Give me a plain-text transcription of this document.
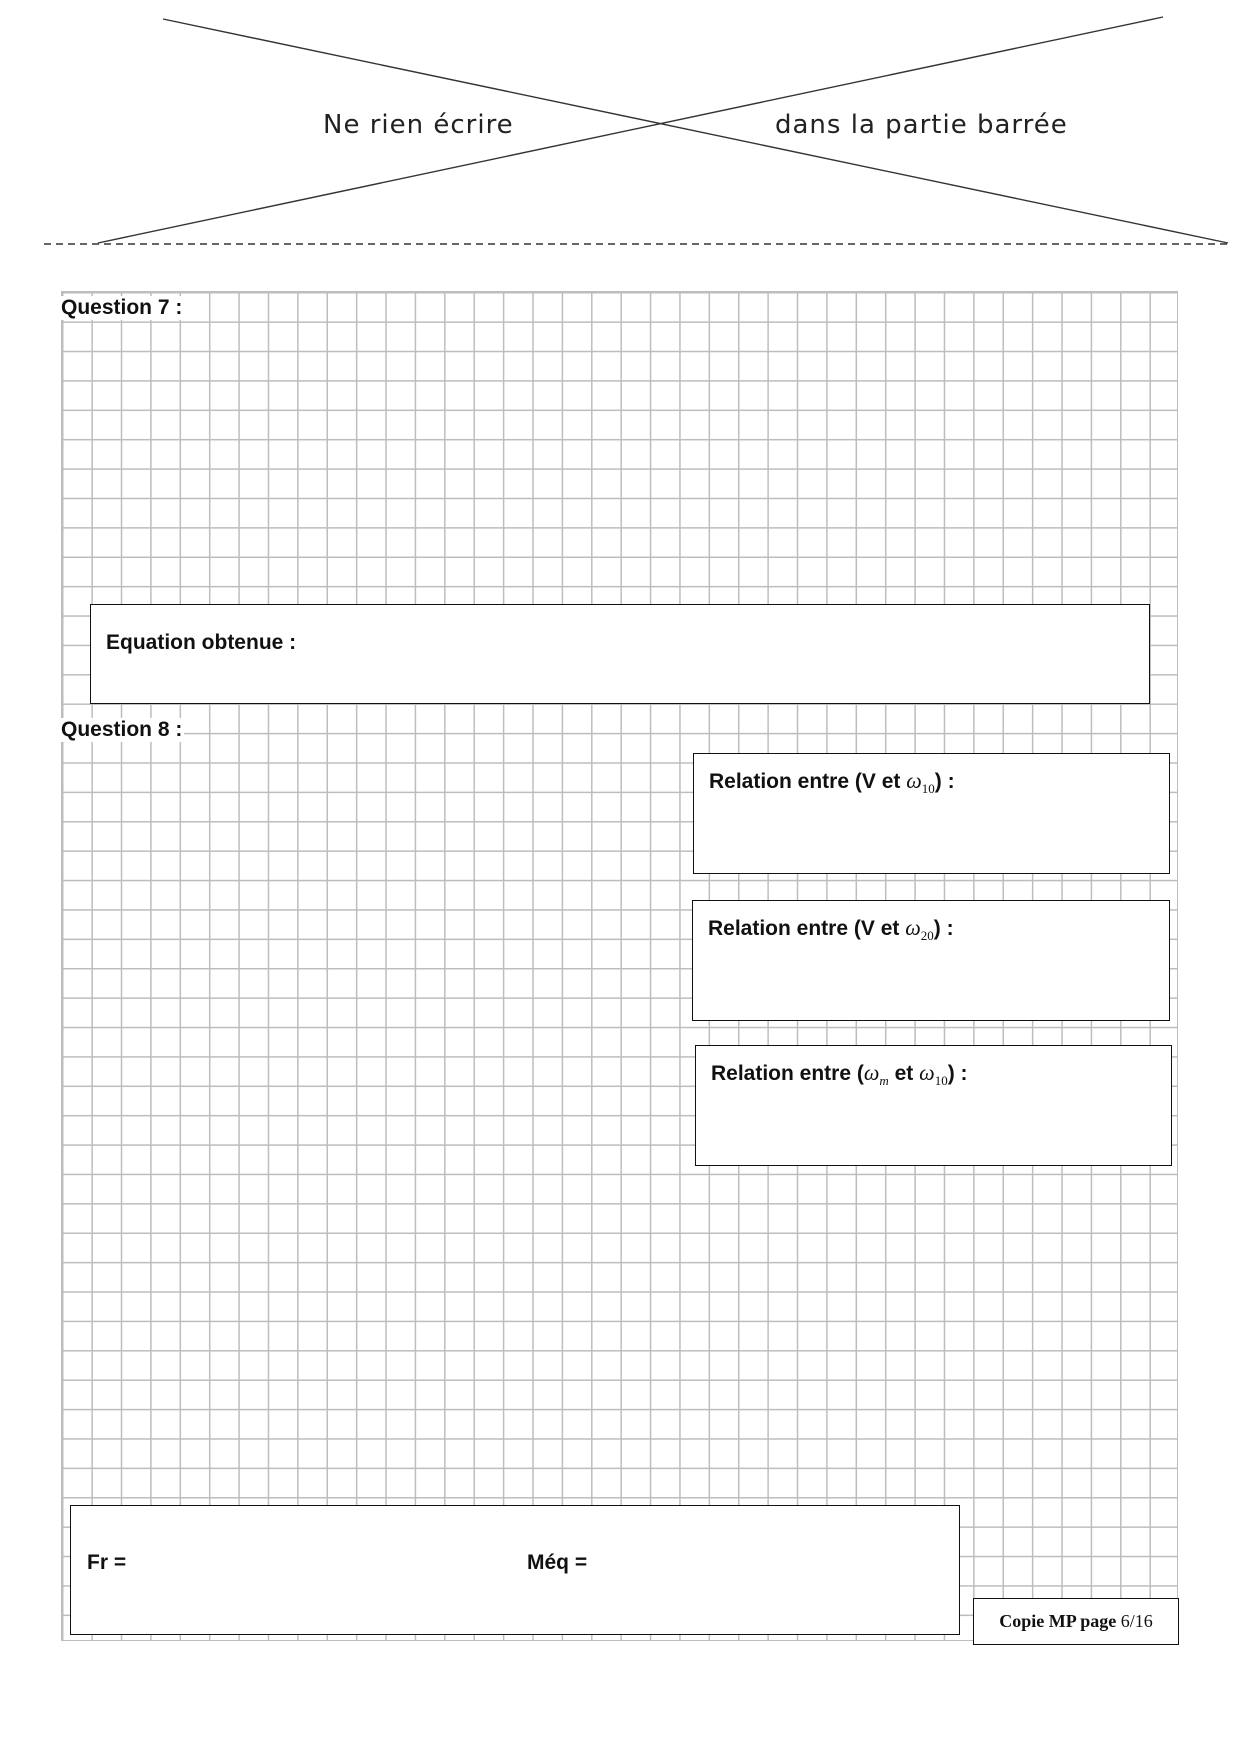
Ne rien écrire	dans la partie barrée
Question 7 :
Equation obtenue :
Question 8 :
Relation entre (V et $\omega_{10}$) :
Relation entre (V et $\omega_{20}$) :
Relation entre ($\omega_m$ et $\omega_{10}$) :
Fr =	Méq =
Copie MP page
6/16
